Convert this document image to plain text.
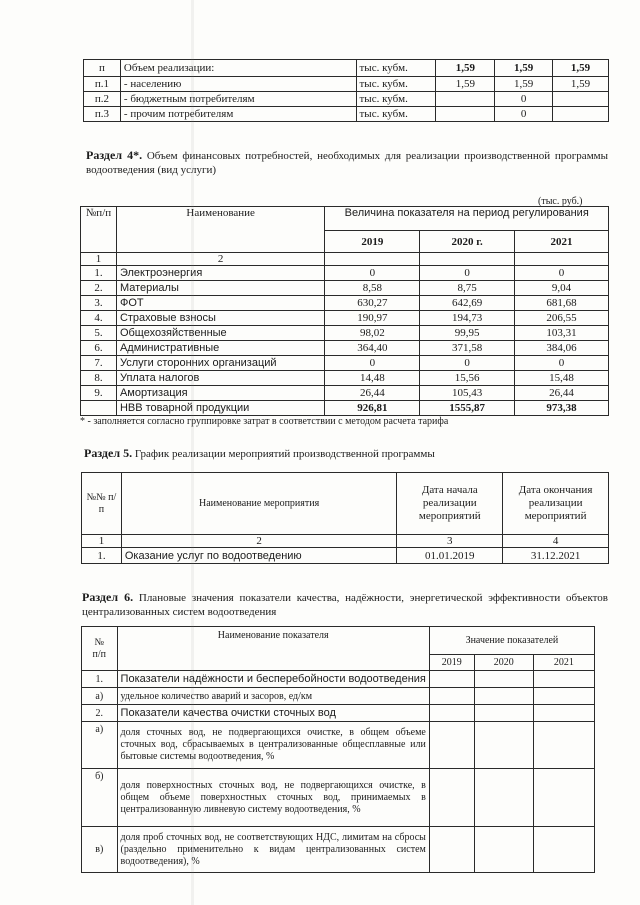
п	Объем реализации:	тыс. кубм.	1,59	1,59	1,59
п.1	- населению	тыс. кубм.	1,59	1,59	1,59
п.2	- бюджетным потребителям	тыс. кубм.		0	
п.3	- прочим потребителям	тыс. кубм.		0	
Раздел 4*. Объем финансовых потребностей, необходимых для реализации производственной программы водоотведения (вид услуги)
(тыс. руб.)
№п/п	Наименование	Величина показателя на период регулирования		
		2019	2020 г.	2021
1	2			
1.	Электроэнергия	0	0	0
2.	Материалы	8,58	8,75	9,04
3.	ФОТ	630,27	642,69	681,68
4.	Страховые взносы	190,97	194,73	206,55
5.	Общехозяйственные	98,02	99,95	103,31
6.	Административные	364,40	371,58	384,06
7.	Услуги сторонних организаций	0	0	0
8.	Уплата налогов	14,48	15,56	15,48
9.	Амортизация	26,44	105,43	26,44
	НВВ товарной продукции	926,81	1555,87	973,38
* - заполняется согласно группировке затрат в соответствии с методом расчета тарифа
Раздел 5. График реализации мероприятий производственной программы
№№ п/п	Наименование мероприятия	Дата начала реализации мероприятий	Дата окончания реализации мероприятий
1	2	3	4
1.	Оказание услуг по водоотведению	01.01.2019	31.12.2021
Раздел 6. Плановые значения показатели качества, надёжности, энергетической эффективности объектов централизованных систем водоотведения
№ п/п	Наименование показателя	Значение показателей		
		2019	2020	2021
1.	Показатели надёжности и бесперебойности водоотведения			
а)	удельное количество аварий и засоров, ед/км			
2.	Показатели качества очистки сточных вод			
а)	доля сточных вод, не подвергающихся очистке, в общем объеме сточных вод, сбрасываемых в централизованные общесплавные или бытовые системы водоотведения, %			
б)	доля поверхностных сточных вод, не подвергающихся очистке, в общем объеме поверхностных сточных вод, принимаемых в централизованную ливневую систему водоотведения, %			
в)	доля проб сточных вод, не соответствующих НДС, лимитам на сбросы (раздельно применительно к видам централизованных систем водоотведения), %			
